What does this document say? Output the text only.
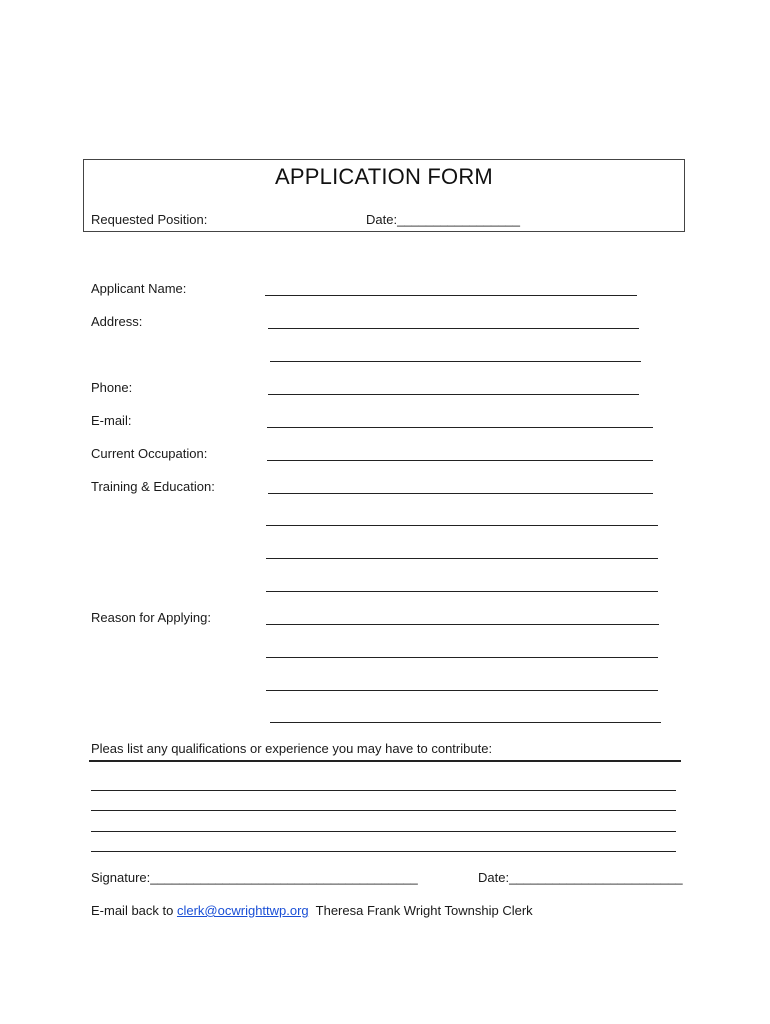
APPLICATION FORM
Requested Position:	Date:_________________
Applicant Name:
Address:
Phone:
E-mail:
Current Occupation:
Training & Education:
Reason for Applying:
Pleas list any qualifications or experience you may have to contribute:
Signature:_____________________________________	Date:________________________
E-mail back to clerk@ocwrighttwp.org  Theresa Frank Wright Township Clerk
